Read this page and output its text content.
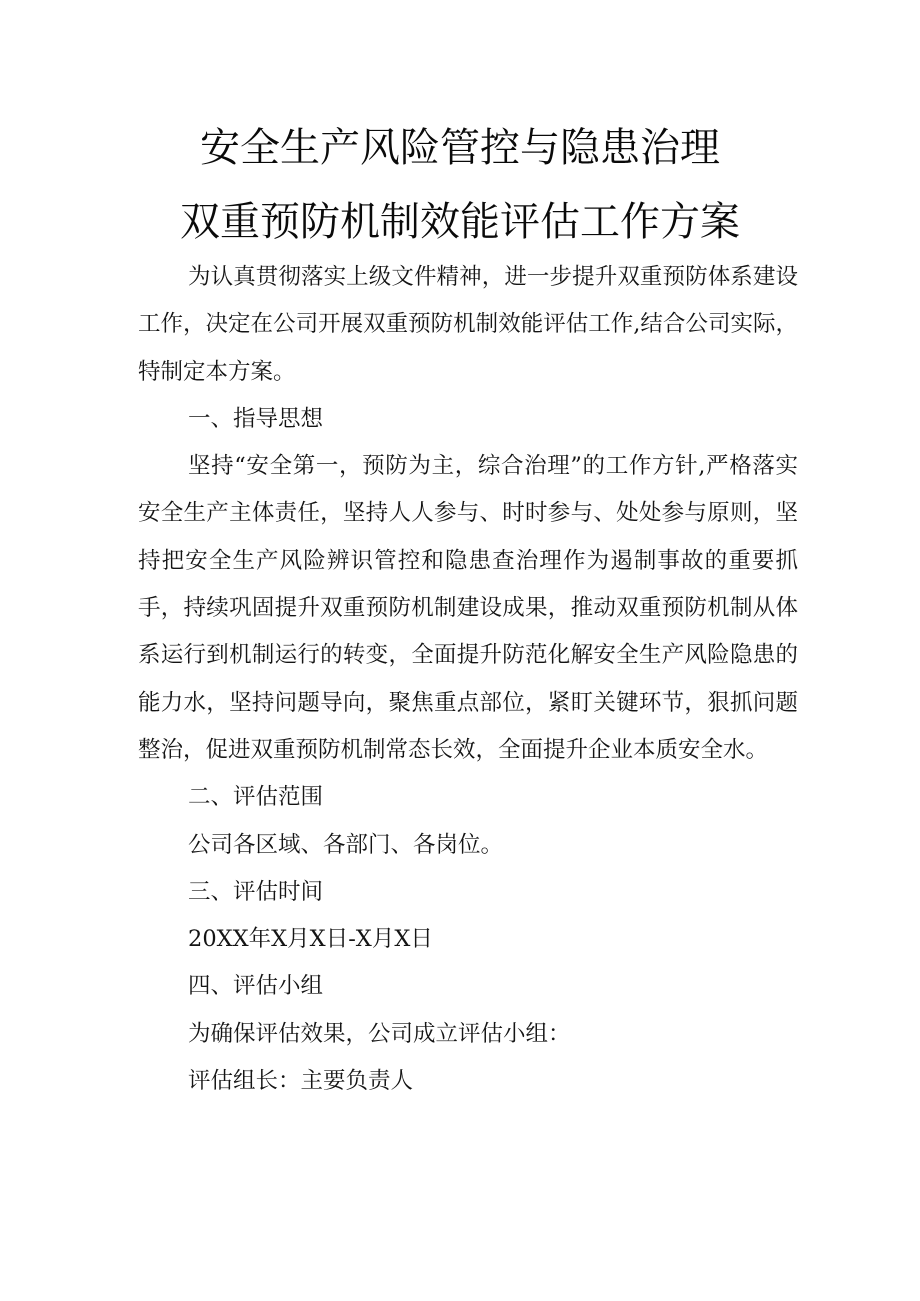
安全生产风险管控与隐患治理
双重预防机制效能评估工作方案

为认真贯彻落实上级文件精神，进一步提升双重预防体系建设工作，决定在公司开展双重预防机制效能评估工作,结合公司实际，特制定本方案。

一、指导思想

坚持“安全第一，预防为主，综合治理”的工作方针,严格落实安全生产主体责任，坚持人人参与、时时参与、处处参与原则，坚持把安全生产风险辨识管控和隐患查治理作为遏制事故的重要抓手，持续巩固提升双重预防机制建设成果，推动双重预防机制从体系运行到机制运行的转变，全面提升防范化解安全生产风险隐患的能力水，坚持问题导向，聚焦重点部位，紧盯关键环节，狠抓问题整治，促进双重预防机制常态长效，全面提升企业本质安全水。

二、评估范围

公司各区域、各部门、各岗位。

三、评估时间

20XX年X月X日-X月X日

四、评估小组

为确保评估效果，公司成立评估小组：

评估组长：主要负责人
